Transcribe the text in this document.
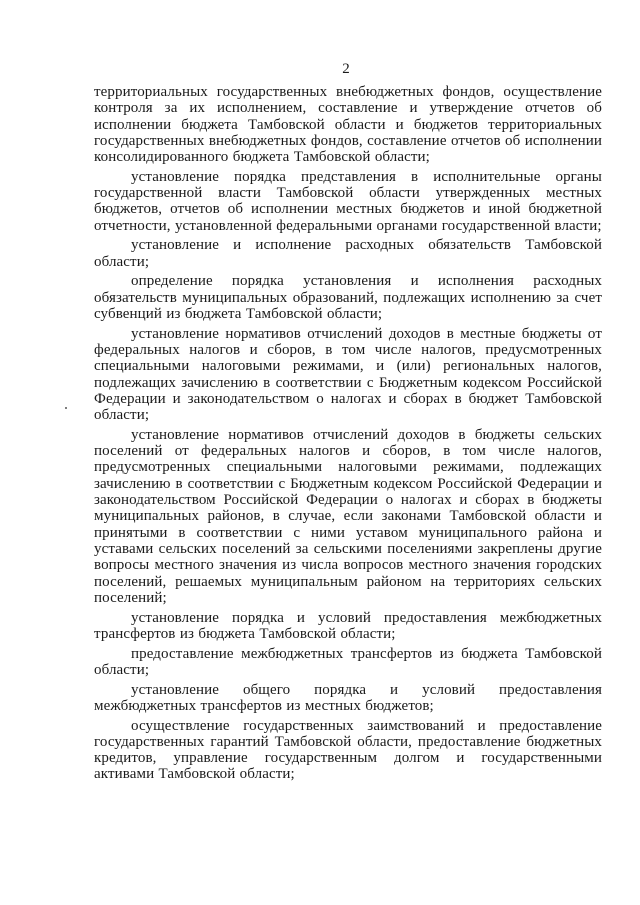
2

территориальных государственных внебюджетных фондов, осуществление контроля за их исполнением, составление и утверждение отчетов об исполнении бюджета Тамбовской области и бюджетов территориальных государственных внебюджетных фондов, составление отчетов об исполнении консолидированного бюджета Тамбовской области;

установление порядка представления в исполнительные органы государственной власти Тамбовской области утвержденных местных бюджетов, отчетов об исполнении местных бюджетов и иной бюджетной отчетности, установленной федеральными органами государственной власти;

установление и исполнение расходных обязательств Тамбовской области;

определение порядка установления и исполнения расходных обязательств муниципальных образований, подлежащих исполнению за счет субвенций из бюджета Тамбовской области;

установление нормативов отчислений доходов в местные бюджеты от федеральных налогов и сборов, в том числе налогов, предусмотренных специальными налоговыми режимами, и (или) региональных налогов, подлежащих зачислению в соответствии с Бюджетным кодексом Российской Федерации и законодательством о налогах и сборах в бюджет Тамбовской области;

установление нормативов отчислений доходов в бюджеты сельских поселений от федеральных налогов и сборов, в том числе налогов, предусмотренных специальными налоговыми режимами, подлежащих зачислению в соответствии с Бюджетным кодексом Российской Федерации и законодательством Российской Федерации о налогах и сборах в бюджеты муниципальных районов, в случае, если законами Тамбовской области и принятыми в соответствии с ними уставом муниципального района и уставами сельских поселений за сельскими поселениями закреплены другие вопросы местного значения из числа вопросов местного значения городских поселений, решаемых муниципальным районом на территориях сельских поселений;

установление порядка и условий предоставления межбюджетных трансфертов из бюджета Тамбовской области;

предоставление межбюджетных трансфертов из бюджета Тамбовской области;

установление общего порядка и условий предоставления межбюджетных трансфертов из местных бюджетов;

осуществление государственных заимствований и предоставление государственных гарантий Тамбовской области, предоставление бюджетных кредитов, управление государственным долгом и государственными активами Тамбовской области;
